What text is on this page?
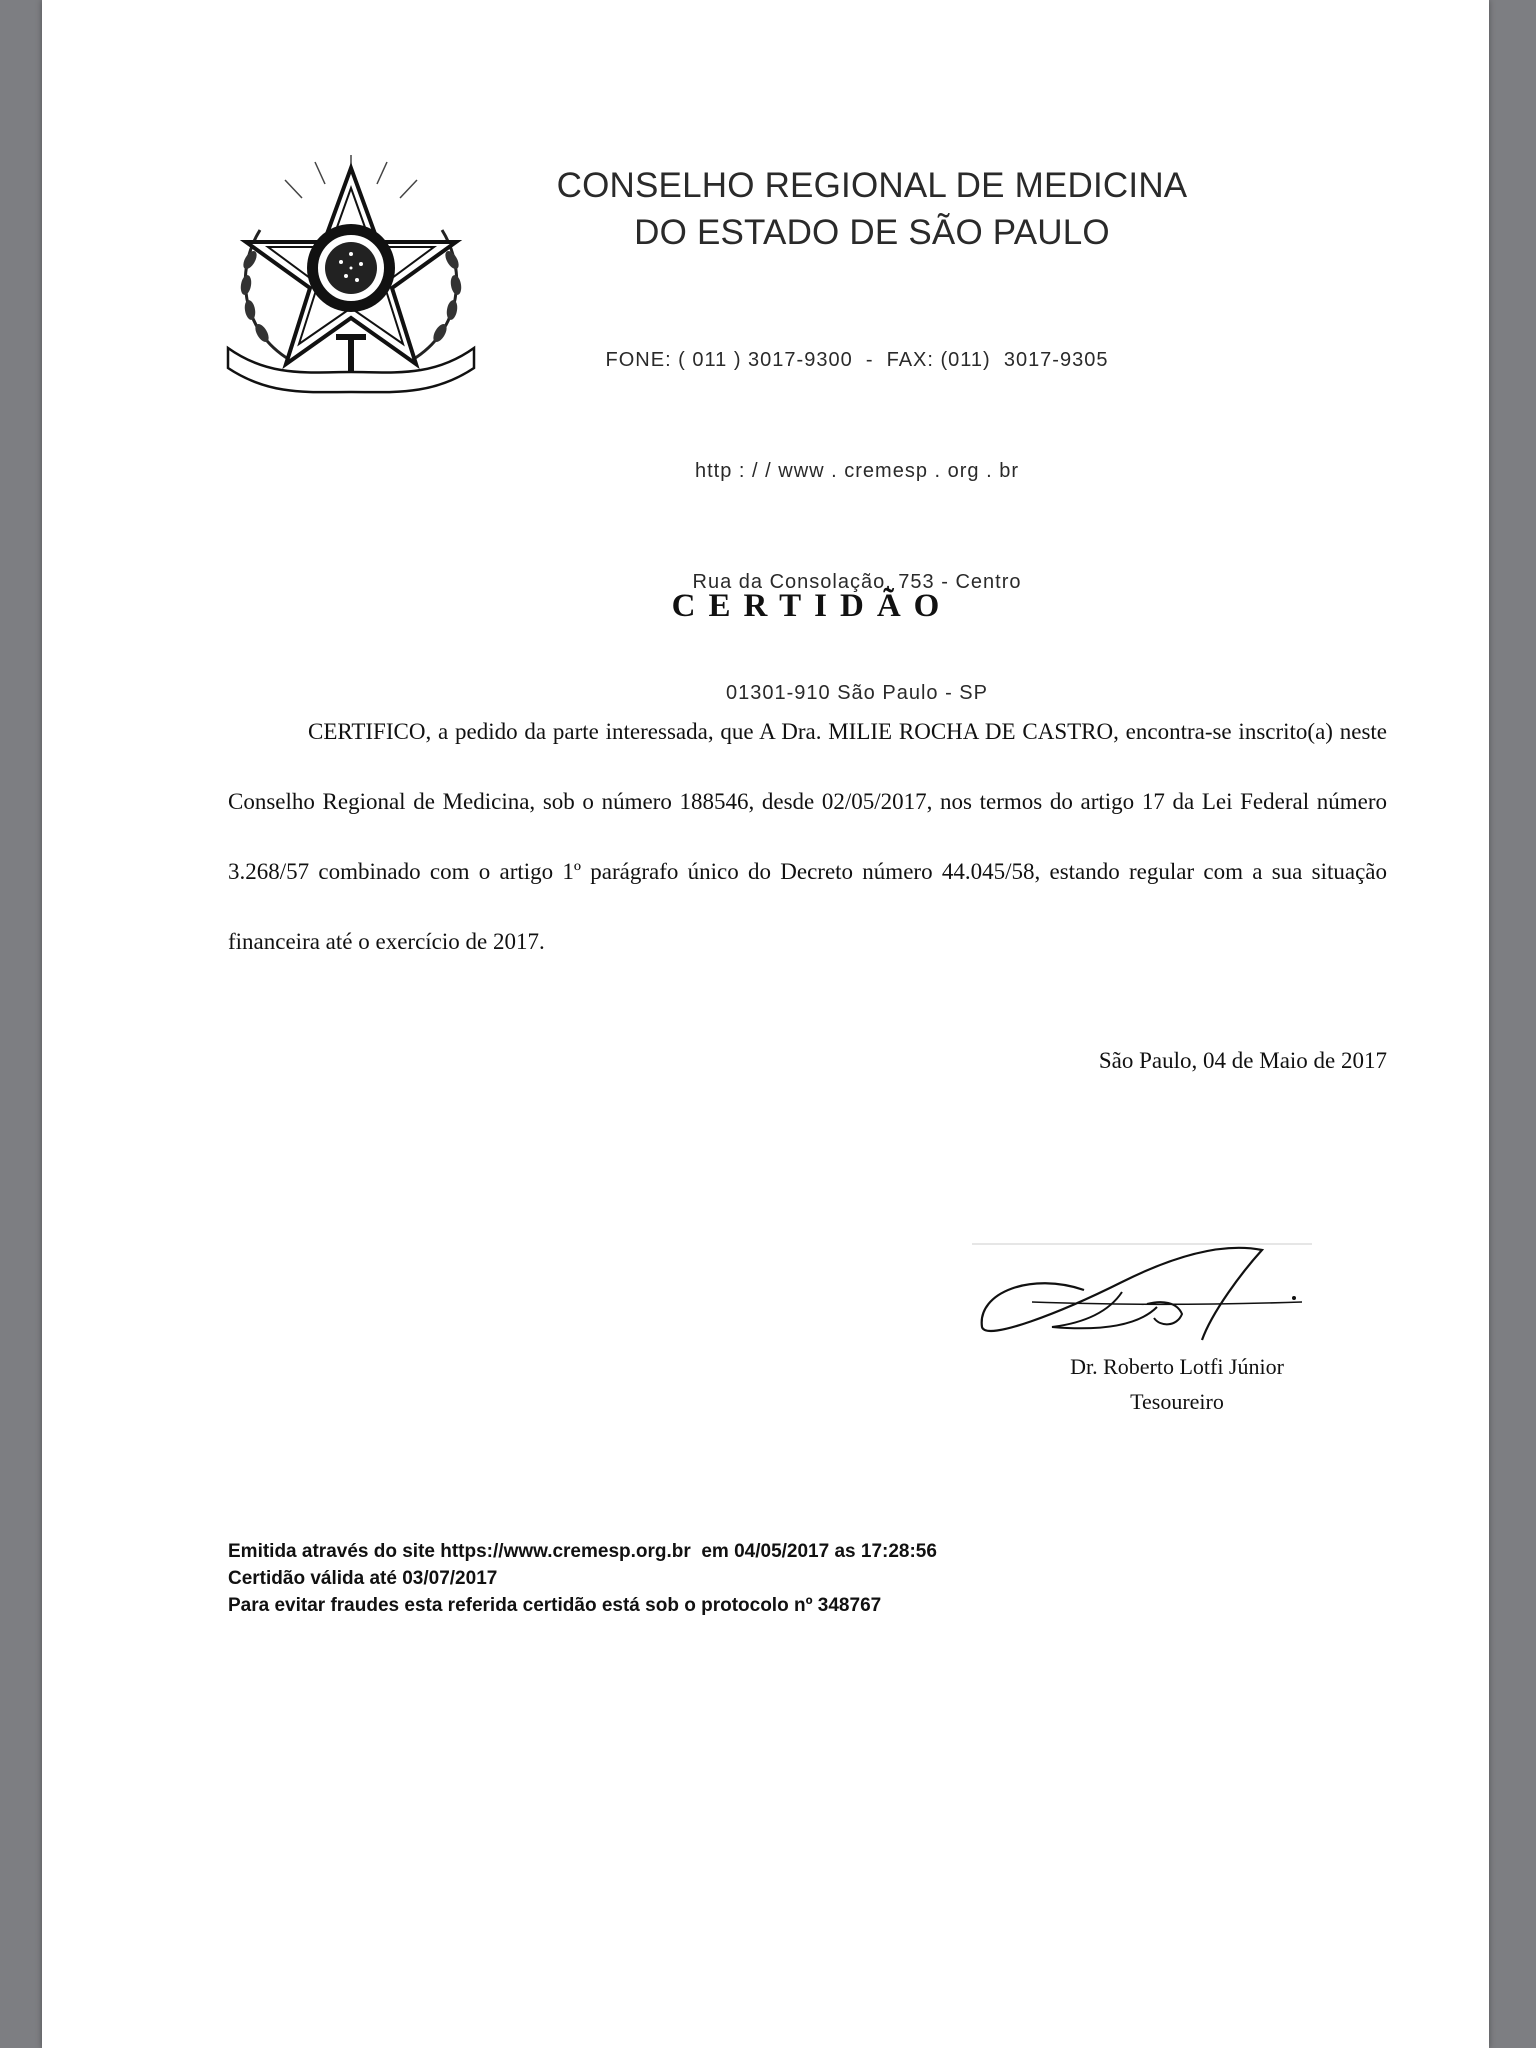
CONSELHO REGIONAL DE MEDICINA
DO ESTADO DE SÃO PAULO

FONE: ( 011 ) 3017-9300  -  FAX: (011)  3017-9305

http : / / www . cremesp . org . br

Rua da Consolação, 753 - Centro

01301-910 São Paulo - SP

CERTIDÃO
CERTIFICO, a pedido da parte interessada, que A Dra. MILIE ROCHA DE CASTRO, encontra-se inscrito(a) neste Conselho Regional de Medicina, sob o número 188546, desde 02/05/2017, nos termos do artigo 17 da Lei Federal número 3.268/57 combinado com o artigo 1º parágrafo único do Decreto número 44.045/58, estando regular com a sua situação financeira até o exercício de 2017.
São Paulo, 04 de Maio de 2017
Dr. Roberto Lotfi Júnior
Tesoureiro
Emitida através do site https://www.cremesp.org.br  em 04/05/2017 as 17:28:56
Certidão válida até 03/07/2017
Para evitar fraudes esta referida certidão está sob o protocolo nº 348767
